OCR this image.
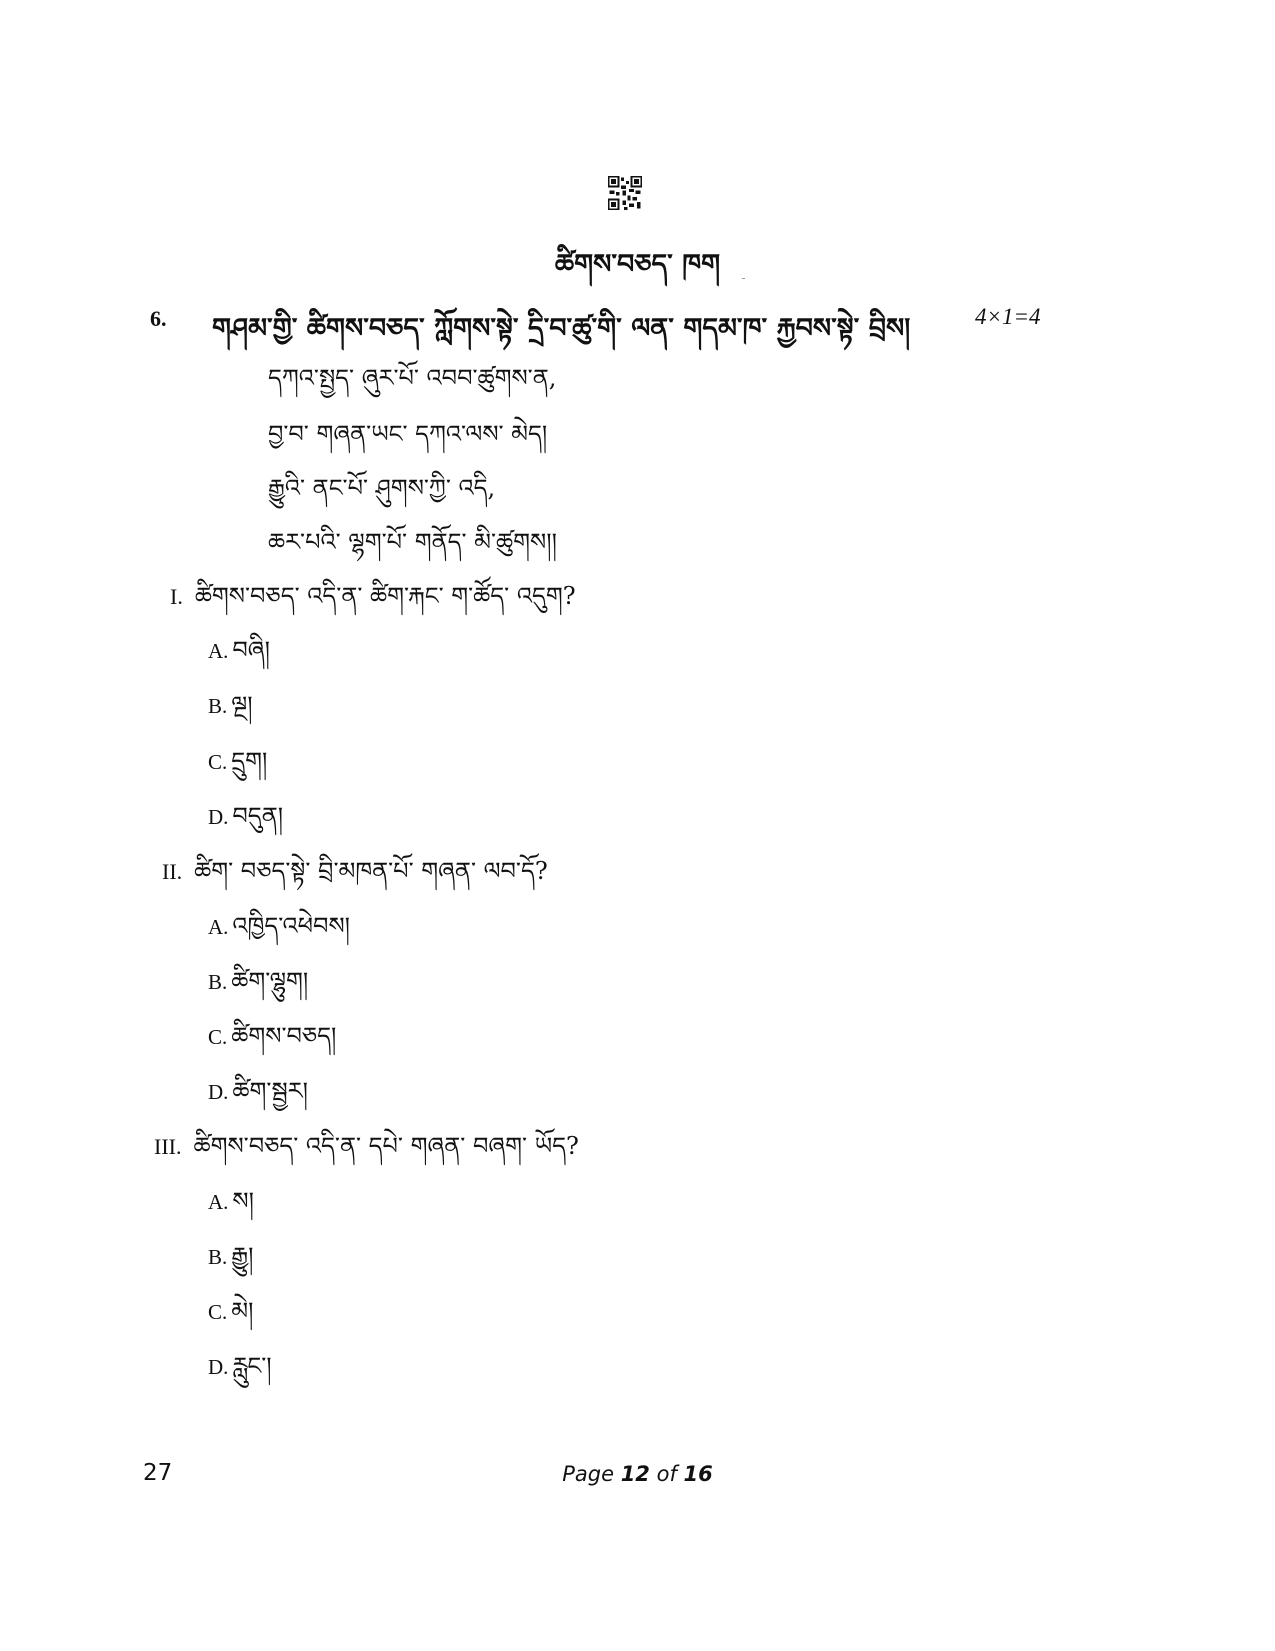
ཚིགས་བཅད་ ཁག
6. གཤམ་གྱི་ ཚིགས་བཅད་ ཀློགས་སྟེ་ དྲི་བ་ཚུ་གི་ ལན་ གདམ་ཁ་ རྐྱབས་སྟེ་ བྲིས།	4×1=4
དཀའ་སྤྱད་ ཞུར་པོ་ འབབ་ཚུགས་ན,
བྱ་བ་ གཞན་ཡང་ དཀའ་ལས་ མེད།
རྒྱུའི་ ནང་པོ་ ཤུགས་ཀྱི་ འདི,
ཆར་པའི་ ལྷག་པོ་ གནོད་ མི་ཚུགས།།
I. ཚིགས་བཅད་ འདི་ན་ ཚིག་རྐང་ ག་ཚོད་ འདུག?
A. བཞི།
B. ལྔ།
C. དྲུག།
D. བདུན།
II. ཚིག་ བཅད་སྟེ་ བྲི་མཁན་པོ་ གཞན་ ལབ་དོ?
A. འཁྱིད་འཕེབས།
B. ཚིག་ལྷུག།
C. ཚིགས་བཅད།
D. ཚིག་སྦྱར།
III. ཚིགས་བཅད་ འདི་ན་ དཔེ་ གཞན་ བཞག་ ཡོད?
A. ས།
B. རྒྱུ།
C. མེ།
D. རླུང་།
27	Page 12 of 16
